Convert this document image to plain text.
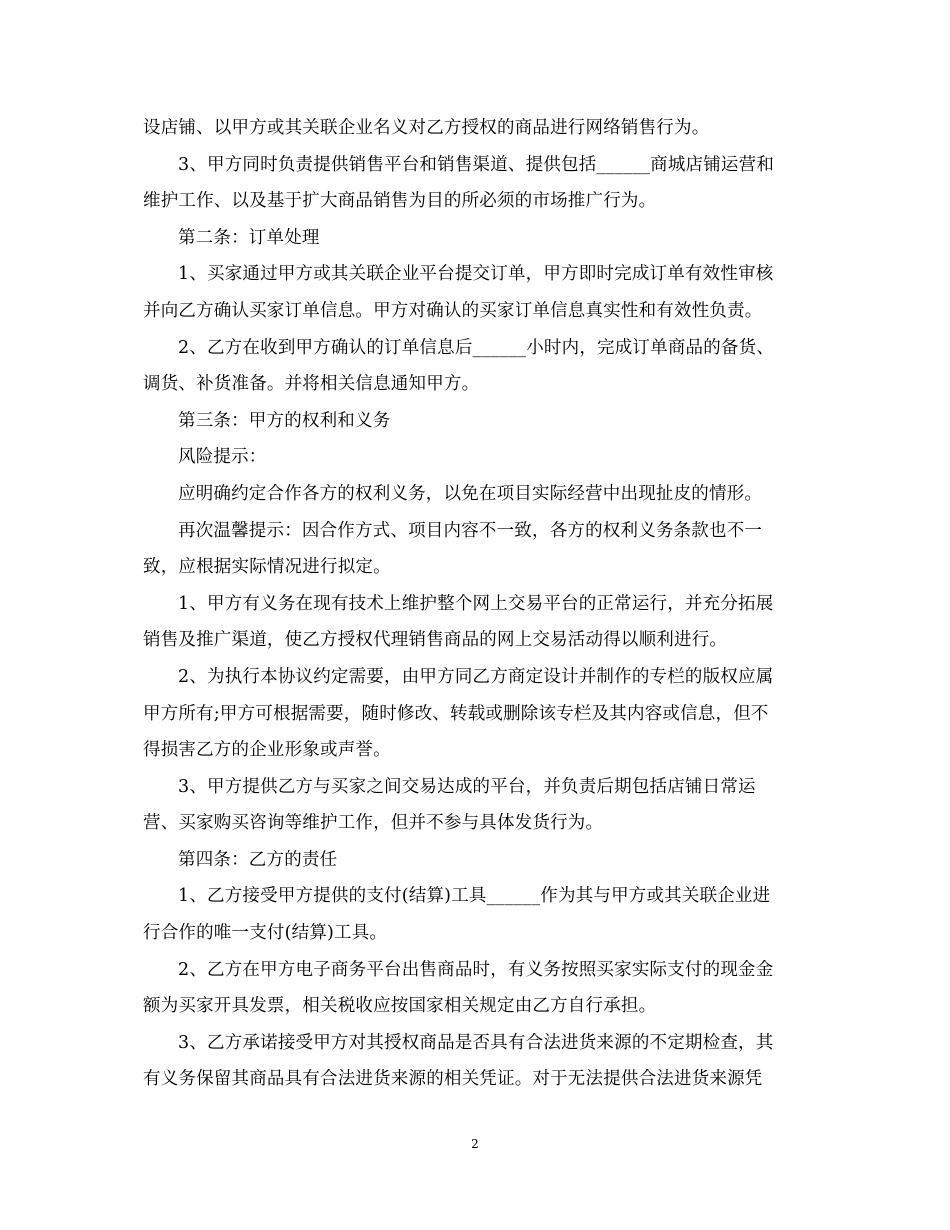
设店铺、以甲方或其关联企业名义对乙方授权的商品进行网络销售行为。
3、甲方同时负责提供销售平台和销售渠道、提供包括______商城店铺运营和
维护工作、以及基于扩大商品销售为目的所必须的市场推广行为。
第二条：订单处理
1、买家通过甲方或其关联企业平台提交订单，甲方即时完成订单有效性审核
并向乙方确认买家订单信息。甲方对确认的买家订单信息真实性和有效性负责。
2、乙方在收到甲方确认的订单信息后______小时内，完成订单商品的备货、
调货、补货准备。并将相关信息通知甲方。
第三条：甲方的权利和义务
风险提示：
应明确约定合作各方的权利义务，以免在项目实际经营中出现扯皮的情形。
再次温馨提示：因合作方式、项目内容不一致，各方的权利义务条款也不一
致，应根据实际情况进行拟定。
1、甲方有义务在现有技术上维护整个网上交易平台的正常运行，并充分拓展
销售及推广渠道，使乙方授权代理销售商品的网上交易活动得以顺利进行。
2、为执行本协议约定需要，由甲方同乙方商定设计并制作的专栏的版权应属
甲方所有;甲方可根据需要，随时修改、转载或删除该专栏及其内容或信息，但不
得损害乙方的企业形象或声誉。
3、甲方提供乙方与买家之间交易达成的平台，并负责后期包括店铺日常运
营、买家购买咨询等维护工作，但并不参与具体发货行为。
第四条：乙方的责任
1、乙方接受甲方提供的支付(结算)工具______作为其与甲方或其关联企业进
行合作的唯一支付(结算)工具。
2、乙方在甲方电子商务平台出售商品时，有义务按照买家实际支付的现金金
额为买家开具发票，相关税收应按国家相关规定由乙方自行承担。
3、乙方承诺接受甲方对其授权商品是否具有合法进货来源的不定期检查，其
有义务保留其商品具有合法进货来源的相关凭证。对于无法提供合法进货来源凭
2
